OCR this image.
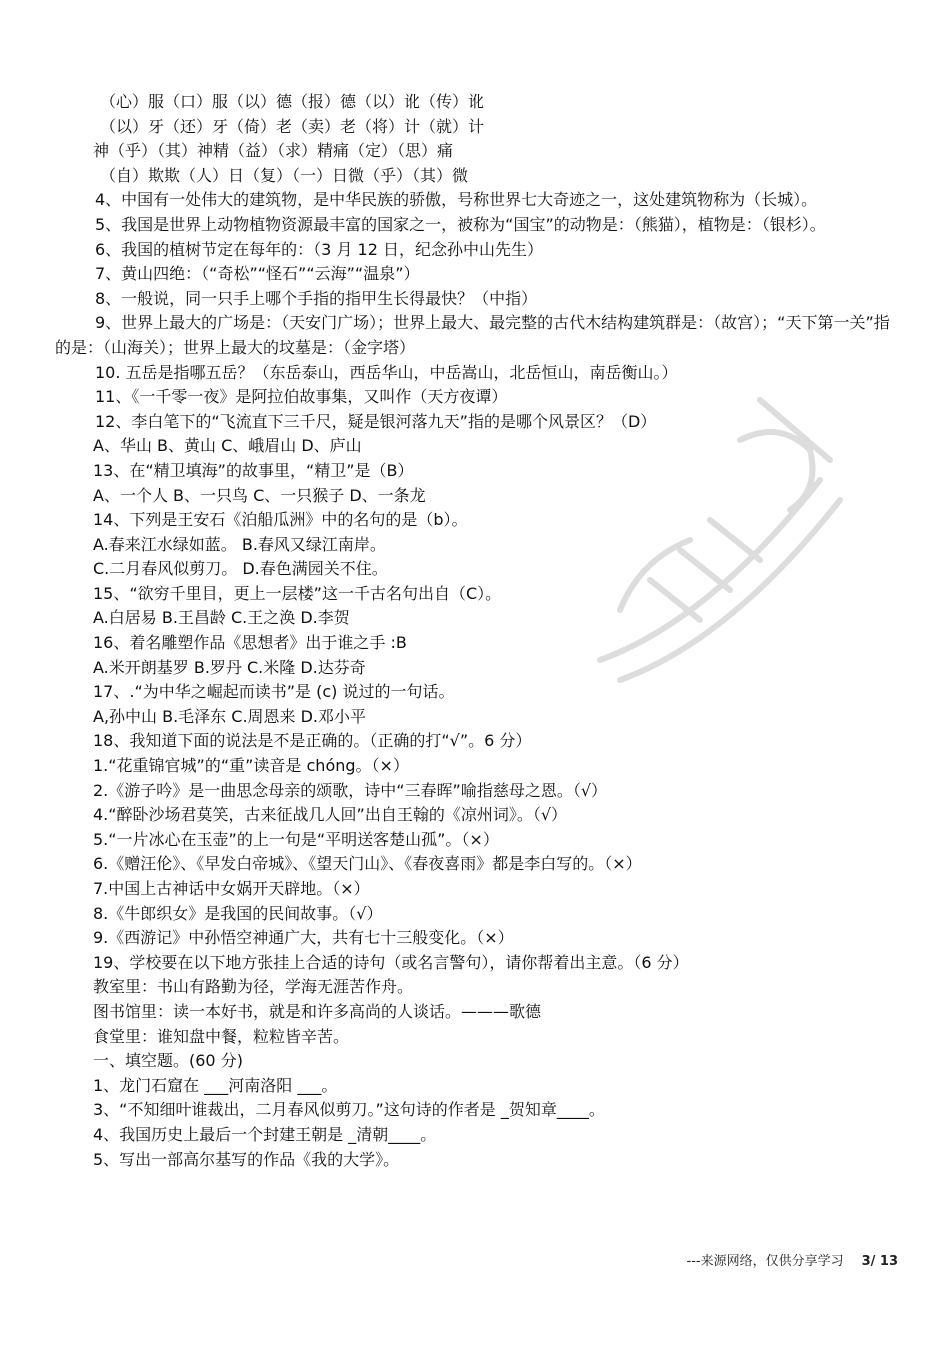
（心）服（口）服（以）德（报）德（以）讹（传）讹
（以）牙（还）牙（倚）老（卖）老（将）计（就）计
神（乎）（其）神精（益）（求）精痛（定）（思）痛
（自）欺欺（人）日（复）（一）日微（乎）（其）微
4、中国有一处伟大的建筑物，是中华民族的骄傲，号称世界七大奇迹之一，这处建筑物称为（长城）。
5、我国是世界上动物植物资源最丰富的国家之一，被称为“国宝”的动物是：（熊猫），植物是：（银杉）。
6、我国的植树节定在每年的：（3 月 12 日，纪念孙中山先生）
7、黄山四绝：（“奇松”“怪石”“云海”“温泉”）
8、一般说，同一只手上哪个手指的指甲生长得最快？（中指）
9、世界上最大的广场是：（天安门广场）；世界上最大、最完整的古代木结构建筑群是：（故宫）；“天下第一关”指的是：（山海关）；世界上最大的坟墓是：（金字塔）
10. 五岳是指哪五岳？（东岳泰山，西岳华山，中岳嵩山，北岳恒山，南岳衡山。）
11、《一千零一夜》是阿拉伯故事集，又叫作（天方夜谭）
12、李白笔下的“飞流直下三千尺，疑是银河落九天”指的是哪个风景区？（D）
A、华山 B、黄山 C、峨眉山 D、庐山
13、在“精卫填海”的故事里，“精卫”是（B）
A、一个人 B、一只鸟 C、一只猴子 D、一条龙
14、下列是王安石《泊船瓜洲》中的名句的是（b）。
A.春来江水绿如蓝。 B.春风又绿江南岸。
C.二月春风似剪刀。 D.春色满园关不住。
15、“欲穷千里目，更上一层楼”这一千古名句出自（C）。
A.白居易 B.王昌龄 C.王之涣 D.李贺
16、着名雕塑作品《思想者》出于谁之手 :B
A.米开朗基罗 B.罗丹 C.米隆 D.达芬奇
17、.“为中华之崛起而读书”是 (c) 说过的一句话。
A,孙中山 B.毛泽东 C.周恩来 D.邓小平
18、我知道下面的说法是不是正确的。（正确的打“√”。6 分）
1.“花重锦官城”的“重”读音是 chóng。（×）
2.《游子吟》是一曲思念母亲的颂歌，诗中“三春晖”喻指慈母之恩。（√）
4.“醉卧沙场君莫笑，古来征战几人回”出自王翰的《凉州词》。（√）
5.“一片冰心在玉壶”的上一句是“平明送客楚山孤”。（×）
6.《赠汪伦》、《早发白帝城》、《望天门山》、《春夜喜雨》都是李白写的。（×）
7.中国上古神话中女娲开天辟地。（×）
8.《牛郎织女》是我国的民间故事。（√）
9.《西游记》中孙悟空神通广大，共有七十三般变化。（×）
19、学校要在以下地方张挂上合适的诗句（或名言警句），请你帮着出主意。（6 分）
教室里：书山有路勤为径，学海无涯苦作舟。
图书馆里：读一本好书，就是和许多高尚的人谈话。———歌德
食堂里：谁知盘中餐，粒粒皆辛苦。
一、填空题。(60 分)
1、龙门石窟在 ___河南洛阳 ___。
3、“不知细叶谁裁出，二月春风似剪刀。”这句诗的作者是 _贺知章____。
4、我国历史上最后一个封建王朝是 _清朝____。
5、写出一部高尔基写的作品《我的大学》。
---来源网络，仅供分享学习 3/ 13
